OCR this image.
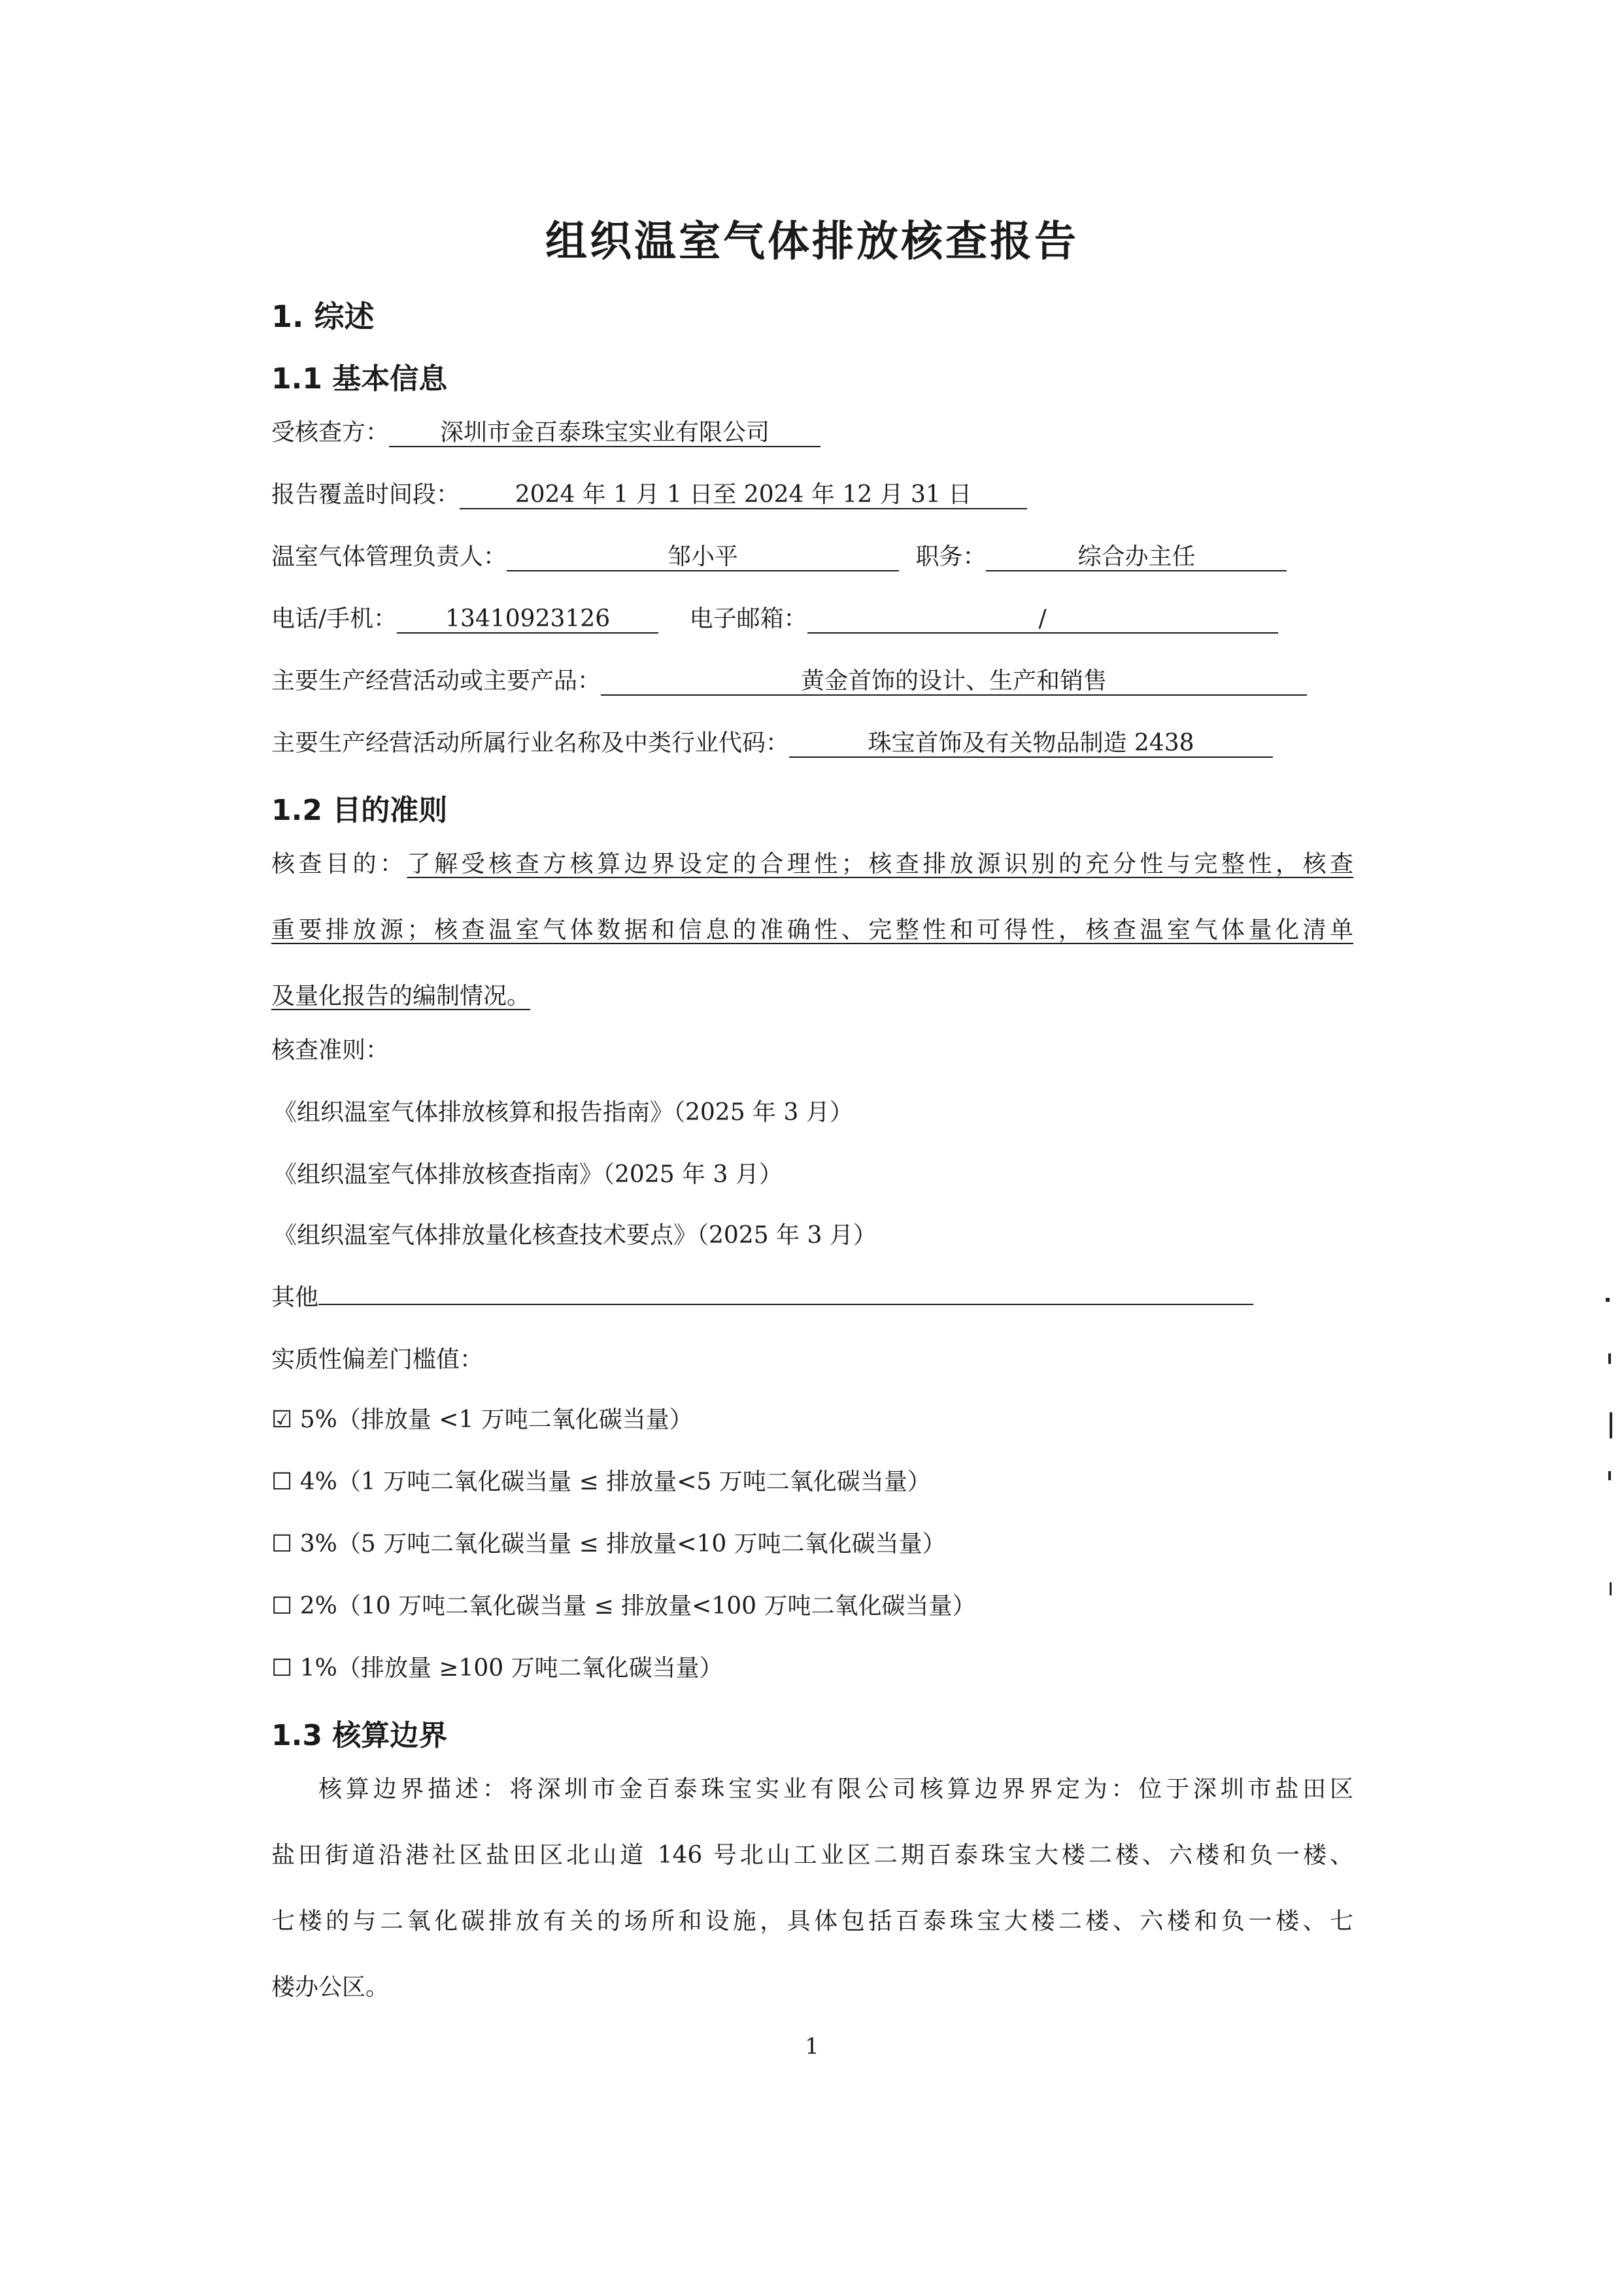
组织温室气体排放核查报告
1. 综述
1.1 基本信息
受核查方： 深圳市金百泰珠宝实业有限公司
报告覆盖时间段： 2024 年 1 月 1 日至 2024 年 12 月 31 日
温室气体管理负责人：	邹小平	职务：	综合办主任
电话/手机： 13410923126	电子邮箱：	/
主要生产经营活动或主要产品：	黄金首饰的设计、生产和销售
主要生产经营活动所属行业名称及中类行业代码：	珠宝首饰及有关物品制造 2438
1.2 目的准则
核查目的：了解受核查方核算边界设定的合理性；核查排放源识别的充分性与完整性，核查
重要排放源；核查温室气体数据和信息的准确性、完整性和可得性，核查温室气体量化清单
及量化报告的编制情况。
核查准则：
《组织温室气体排放核算和报告指南》（2025 年 3 月）
《组织温室气体排放核查指南》（2025 年 3 月）
《组织温室气体排放量化核查技术要点》（2025 年 3 月）
其他
实质性偏差门槛值：
☑ 5%（排放量 <1 万吨二氧化碳当量）
☐ 4%（1 万吨二氧化碳当量 ≤ 排放量<5 万吨二氧化碳当量）
☐ 3%（5 万吨二氧化碳当量 ≤ 排放量<10 万吨二氧化碳当量）
☐ 2%（10 万吨二氧化碳当量 ≤ 排放量<100 万吨二氧化碳当量）
☐ 1%（排放量 ≥100 万吨二氧化碳当量）
1.3 核算边界
核算边界描述：将深圳市金百泰珠宝实业有限公司核算边界界定为：位于深圳市盐田区
盐田街道沿港社区盐田区北山道 146 号北山工业区二期百泰珠宝大楼二楼、六楼和负一楼、
七楼的与二氧化碳排放有关的场所和设施，具体包括百泰珠宝大楼二楼、六楼和负一楼、七
楼办公区。
1
